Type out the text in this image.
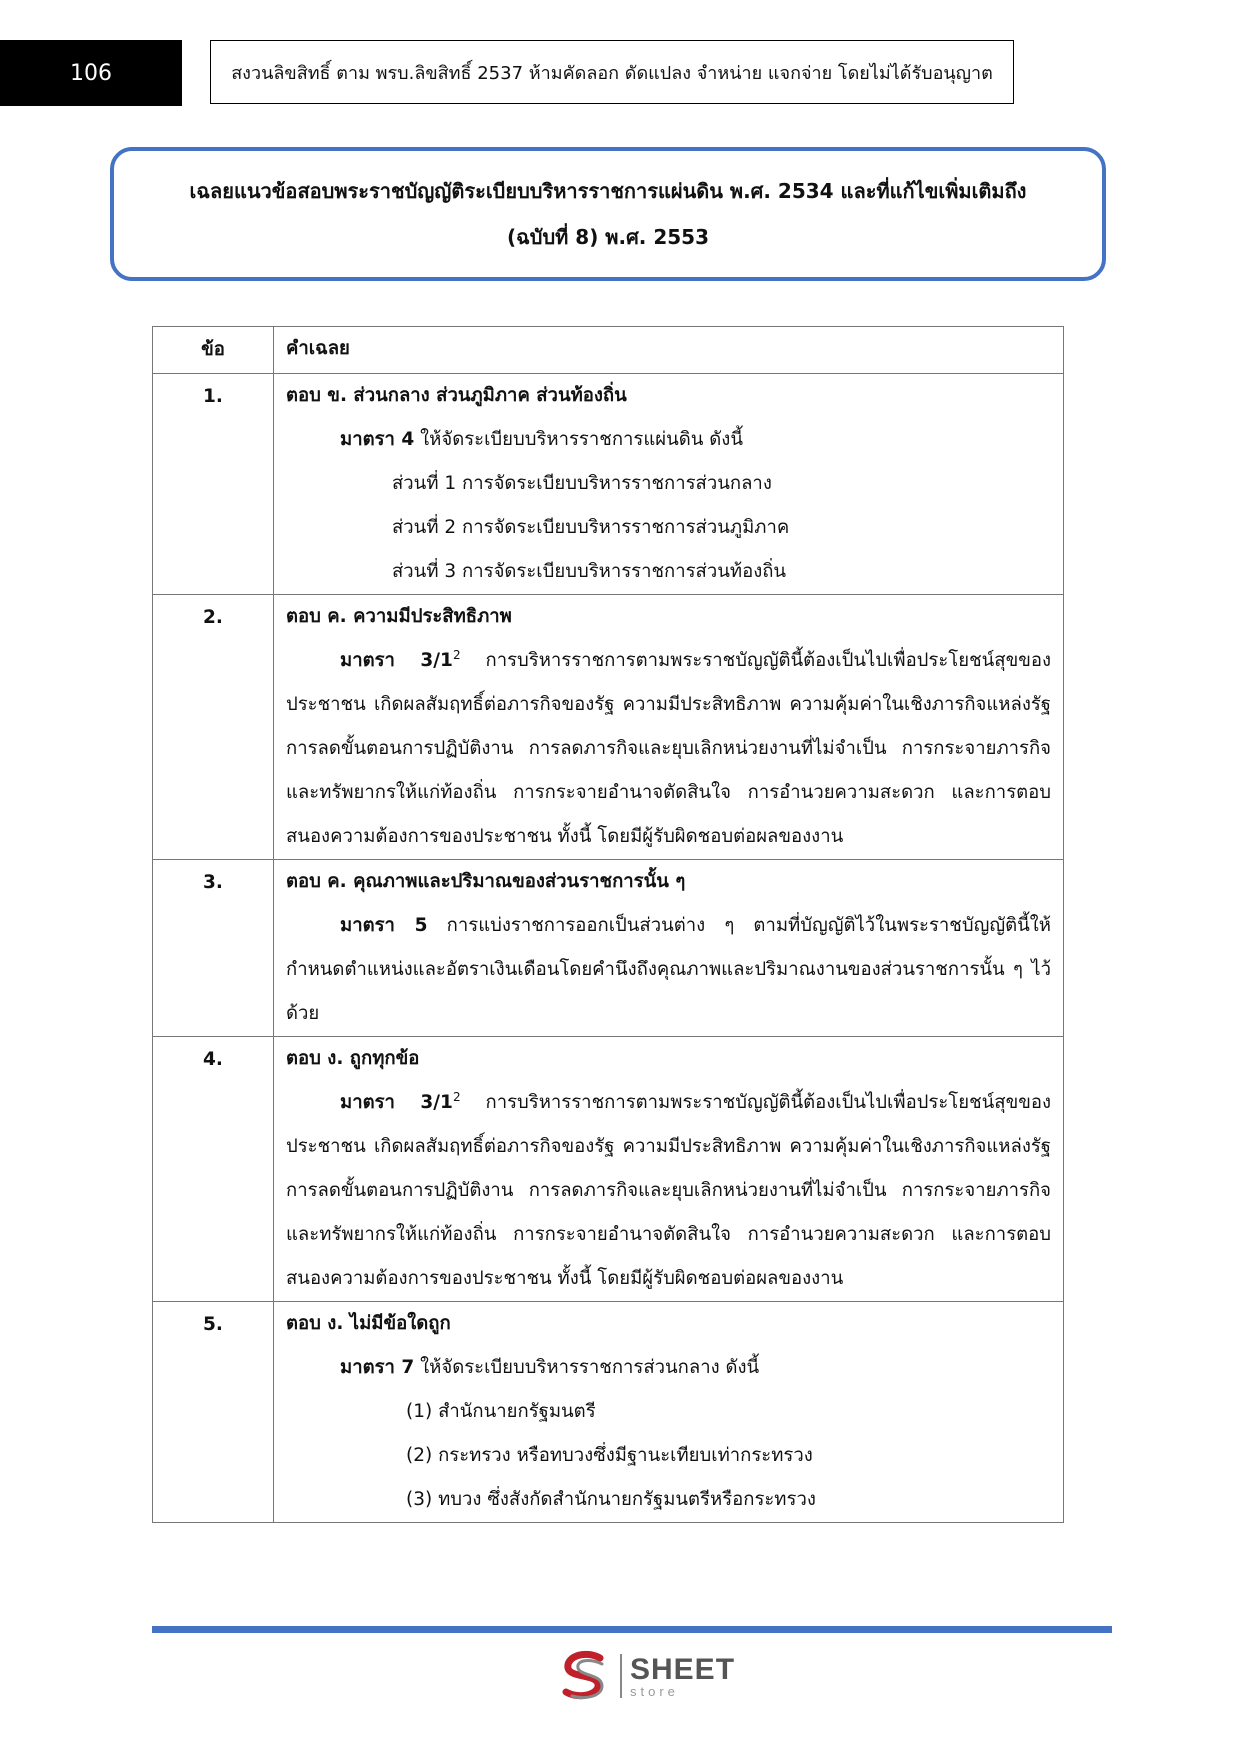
106	สงวนลิขสิทธิ์ ตาม พรบ.ลิขสิทธิ์ 2537 ห้ามคัดลอก ดัดแปลง จำหน่าย แจกจ่าย โดยไม่ได้รับอนุญาต
เฉลยแนวข้อสอบพระราชบัญญัติระเบียบบริหารราชการแผ่นดิน พ.ศ. 2534 และที่แก้ไขเพิ่มเติมถึง
(ฉบับที่ 8) พ.ศ. 2553
ข้อ	คำเฉลย
1.	ตอบ ข. ส่วนกลาง ส่วนภูมิภาค ส่วนท้องถิ่น
มาตรา 4 ให้จัดระเบียบบริหารราชการแผ่นดิน ดังนี้
ส่วนที่ 1 การจัดระเบียบบริหารราชการส่วนกลาง
ส่วนที่ 2 การจัดระเบียบบริหารราชการส่วนภูมิภาค
ส่วนที่ 3 การจัดระเบียบบริหารราชการส่วนท้องถิ่น

2.	ตอบ ค. ความมีประสิทธิภาพ
มาตรา $3/1^2$ การบริหารราชการตามพระราชบัญญัตินี้ต้องเป็นไปเพื่อประโยชน์สุขของประชาชน เกิดผลสัมฤทธิ์ต่อภารกิจของรัฐ ความมีประสิทธิภาพ ความคุ้มค่าในเชิงภารกิจแหล่งรัฐ การลดขั้นตอนการปฏิบัติงาน การลดภารกิจและยุบเลิกหน่วยงานที่ไม่จำเป็น การกระจายภารกิจและทรัพยากรให้แก่ท้องถิ่น การกระจายอำนาจตัดสินใจ การอำนวยความสะดวก และการตอบสนองความต้องการของประชาชน ทั้งนี้ โดยมีผู้รับผิดชอบต่อผลของงาน

3.	ตอบ ค. คุณภาพและปริมาณของส่วนราชการนั้น ๆ
มาตรา 5 การแบ่งราชการออกเป็นส่วนต่าง ๆ ตามที่บัญญัติไว้ในพระราชบัญญัตินี้ให้กำหนดตำแหน่งและอัตราเงินเดือนโดยคำนึงถึงคุณภาพและปริมาณงานของส่วนราชการนั้น ๆ ไว้ด้วย

4.	ตอบ ง. ถูกทุกข้อ
มาตรา $3/1^2$ การบริหารราชการตามพระราชบัญญัตินี้ต้องเป็นไปเพื่อประโยชน์สุขของประชาชน เกิดผลสัมฤทธิ์ต่อภารกิจของรัฐ ความมีประสิทธิภาพ ความคุ้มค่าในเชิงภารกิจแหล่งรัฐ การลดขั้นตอนการปฏิบัติงาน การลดภารกิจและยุบเลิกหน่วยงานที่ไม่จำเป็น การกระจายภารกิจและทรัพยากรให้แก่ท้องถิ่น การกระจายอำนาจตัดสินใจ การอำนวยความสะดวก และการตอบสนองความต้องการของประชาชน ทั้งนี้ โดยมีผู้รับผิดชอบต่อผลของงาน

5.	ตอบ ง. ไม่มีข้อใดถูก
มาตรา 7 ให้จัดระเบียบบริหารราชการส่วนกลาง ดังนี้
(1) สำนักนายกรัฐมนตรี
(2) กระทรวง หรือทบวงซึ่งมีฐานะเทียบเท่ากระทรวง
(3) ทบวง ซึ่งสังกัดสำนักนายกรัฐมนตรีหรือกระทรวง
SHEET
store
